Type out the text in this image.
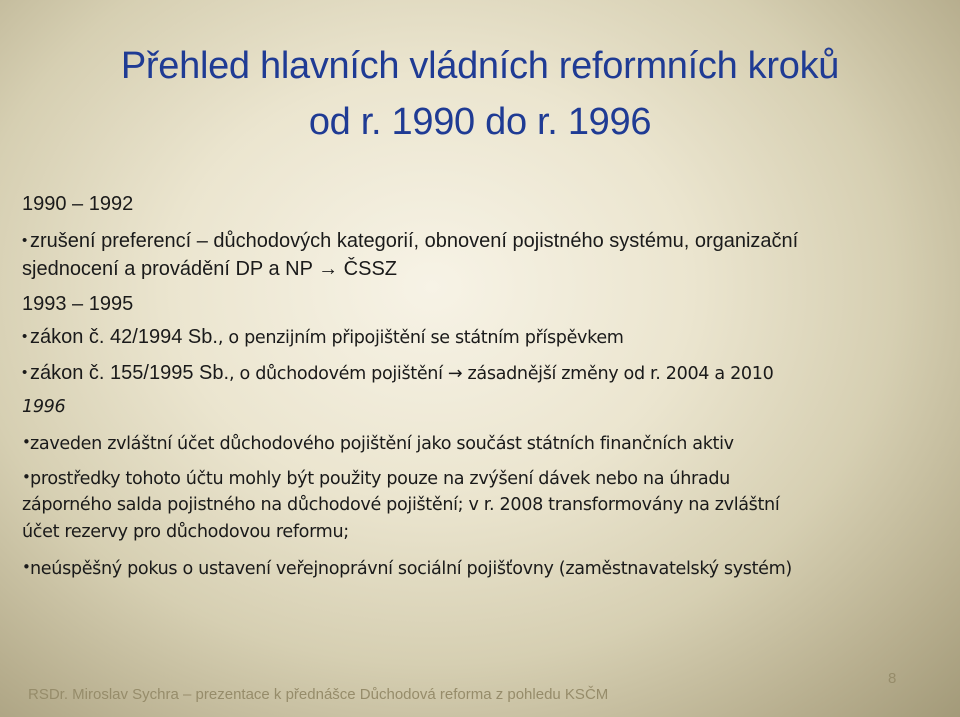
Přehled hlavních vládních reformních kroků
od r. 1990 do r. 1996
1990 – 1992
• zrušení preferencí – důchodových kategorií, obnovení pojistného systému, organizační
sjednocení a provádění DP a NP → ČSSZ
1993 – 1995
• zákon č. 42/1994 Sb., o penzijním připojištění se státním příspěvkem
• zákon č. 155/1995 Sb., o důchodovém pojištění → zásadnější změny od r. 2004 a 2010
1996
•zaveden zvláštní účet důchodového pojištění jako součást státních finančních aktiv
•prostředky tohoto účtu mohly být použity pouze na zvýšení dávek nebo na úhradu
záporného salda pojistného na důchodové pojištění; v r. 2008 transformovány na zvláštní
účet rezervy pro důchodovou reformu;
•neúspěšný pokus o ustavení veřejnoprávní sociální pojišťovny (zaměstnavatelský systém)
RSDr. Miroslav Sychra – prezentace k přednášce Důchodová reforma z pohledu KSČM
8
